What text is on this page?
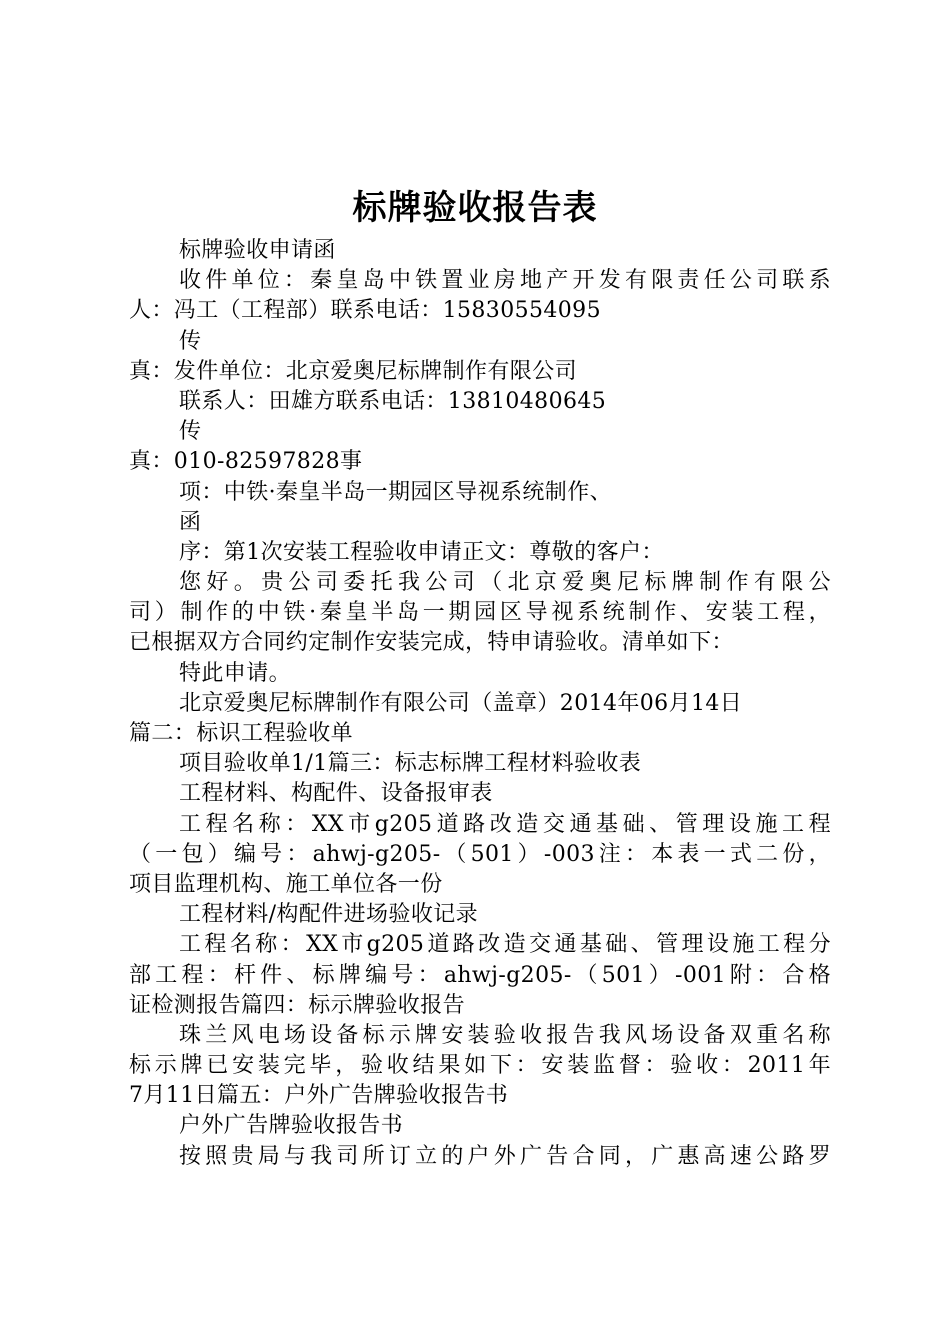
标牌验收报告表
标牌验收申请函
收件单位：秦皇岛中铁置业房地产开发有限责任公司联系
人：冯工（工程部）联系电话：15830554095
传
真：发件单位：北京爱奥尼标牌制作有限公司
联系人：田雄方联系电话：13810480645
传
真：010-82597828事
项：中铁·秦皇半岛一期园区导视系统制作、
函
序：第1次安装工程验收申请正文：尊敬的客户：
您好。贵公司委托我公司（北京爱奥尼标牌制作有限公
司）制作的中铁·秦皇半岛一期园区导视系统制作、安装工程，
已根据双方合同约定制作安装完成，特申请验收。清单如下：
特此申请。
北京爱奥尼标牌制作有限公司（盖章）2014年06月14日
篇二：标识工程验收单
项目验收单1/1篇三：标志标牌工程材料验收表
工程材料、构配件、设备报审表
工程名称：XX市g205道路改造交通基础、管理设施工程
（一包）编号：ahwj-g205-（501）-003注：本表一式二份，
项目监理机构、施工单位各一份
工程材料/构配件进场验收记录
工程名称：XX市g205道路改造交通基础、管理设施工程分
部工程：杆件、标牌编号：ahwj-g205-（501）-001附：合格
证检测报告篇四：标示牌验收报告
珠兰风电场设备标示牌安装验收报告我风场设备双重名称
标示牌已安装完毕，验收结果如下：安装监督：验收：2011年
7月11日篇五：户外广告牌验收报告书
户外广告牌验收报告书
按照贵局与我司所订立的户外广告合同，广惠高速公路罗
